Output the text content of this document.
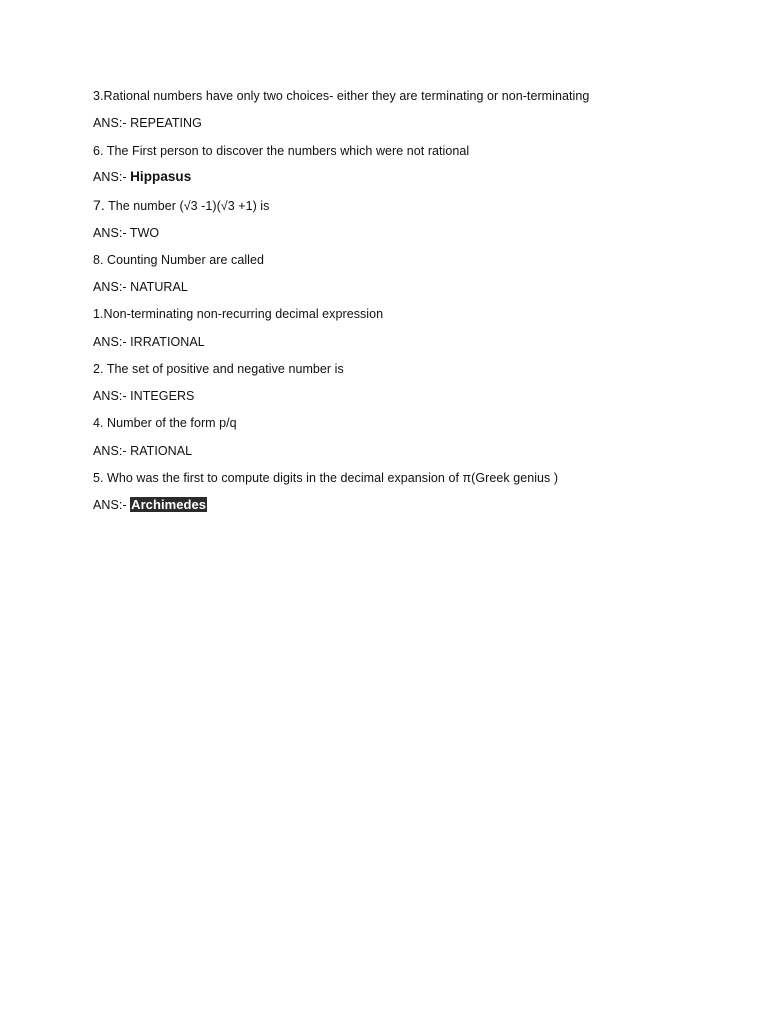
3.Rational numbers have only two choices- either they are terminating or non-terminating
ANS:- REPEATING
6. The First person to discover the numbers which were not rational
ANS:- Hippasus
7. The number (√3 -1)(√3 +1) is
ANS:- TWO
8. Counting Number are called
ANS:- NATURAL
1.Non-terminating non-recurring decimal expression
ANS:- IRRATIONAL
2. The set of positive and negative number is
ANS:- INTEGERS
4. Number of the form p/q
ANS:- RATIONAL
5. Who was the first to compute digits in the decimal expansion of π(Greek genius )
ANS:- Archimedes
